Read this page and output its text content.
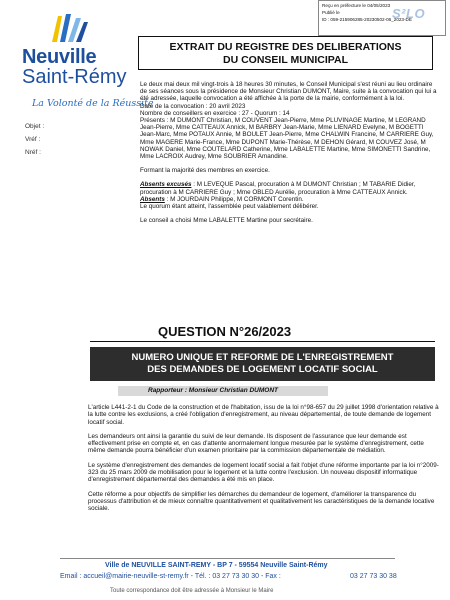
Reçu en préfecture le 04/05/2023
Publié le
ID : 059-215906285-20230502-06_2023-DE
S²LO
Neuville
Saint-Rémy
La Volonté de la Réussite
Objet :
Vréf :
Nréf :
EXTRAIT DU REGISTRE DES DELIBERATIONS
DU CONSEIL MUNICIPAL

Le deux mai deux mil vingt-trois à 18 heures 30 minutes, le Conseil Municipal s'est réuni au lieu ordinaire de ses séances sous la présidence de Monsieur Christian DUMONT, Maire, suite à la convocation qui lui a été adressée, laquelle convocation a été affichée à la porte de la mairie, conformément à la loi.

Date de la convocation : 20 avril 2023

Nombre de conseillers en exercice : 27 - Quorum : 14

Présents : M DUMONT Christian, M COUVENT Jean-Pierre, Mme PLUVINAGE Martine, M LEGRAND Jean-Pierre, Mme CATTEAUX Annick, M BARBRY Jean-Marie, Mme LIENARD Evelyne, M BOGETTI Jean-Marc, Mme POTAUX Annie, M BOULET Jean-Pierre, Mme CHALWIN Francine, M CARRIERE Guy, Mme MAGERE Marie-France, Mme DUPONT Marie-Thérèse, M DEHON Gérard, M COUVEZ José, M NOWAK Daniel, Mme COUTELARD Catherine, Mme LABALETTE Martine, Mme SIMONETTI Sandrine, Mme LACROIX Audrey, Mme SOUBRIER Amandine.

Formant la majorité des membres en exercice.

Absents excusés : M LEVEQUE Pascal, procuration à M DUMONT Christian ; M TABARIE Didier, procuration à M CARRIERE Guy ; Mme OBLED Aurélie, procuration à Mme CATTEAUX Annick.

Absents : M JOURDAIN Philippe, M CORMONT Corentin.

Le quorum étant atteint, l'assemblée peut valablement délibérer.

Le conseil a choisi Mme LABALETTE Martine pour secrétaire.

QUESTION N°26/2023
NUMERO UNIQUE ET REFORME DE L'ENREGISTREMENT
DES DEMANDES DE LOGEMENT LOCATIF SOCIAL
Rapporteur : Monsieur Christian DUMONT

L'article L441-2-1 du Code de la construction et de l'habitation, issu de la loi n°98-657 du 29 juillet 1998 d'orientation relative à la lutte contre les exclusions, a créé l'obligation d'enregistrement, au niveau départemental, de toute demande de logement locatif social.

Les demandeurs ont ainsi la garantie du suivi de leur demande. Ils disposent de l'assurance que leur demande est effectivement prise en compte et, en cas d'attente anormalement longue mesurée par le système d'enregistrement, cette même demande pourra bénéficier d'un examen prioritaire par la commission départementale de médiation.

Le système d'enregistrement des demandes de logement locatif social a fait l'objet d'une réforme importante par la loi n°2009-323 du 25 mars 2009 de mobilisation pour le logement et la lutte contre l'exclusion. Un nouveau dispositif informatique d'enregistrement départemental des demandes a été mis en place.

Cette réforme a pour objectifs de simplifier les démarches du demandeur de logement, d'améliorer la transparence du processus d'attribution et de mieux connaître quantitativement et qualitativement les caractéristiques de la demande locative sociale.

Ville de NEUVILLE SAINT-REMY - BP 7 - 59554 Neuville Saint-Rémy
Email : accueil@mairie-neuville-st-remy.fr - Tél. : 03 27 73 30 30 - Fax :	03 27 73 30 38
Toute correspondance doit être adressée à Monsieur le Maire
